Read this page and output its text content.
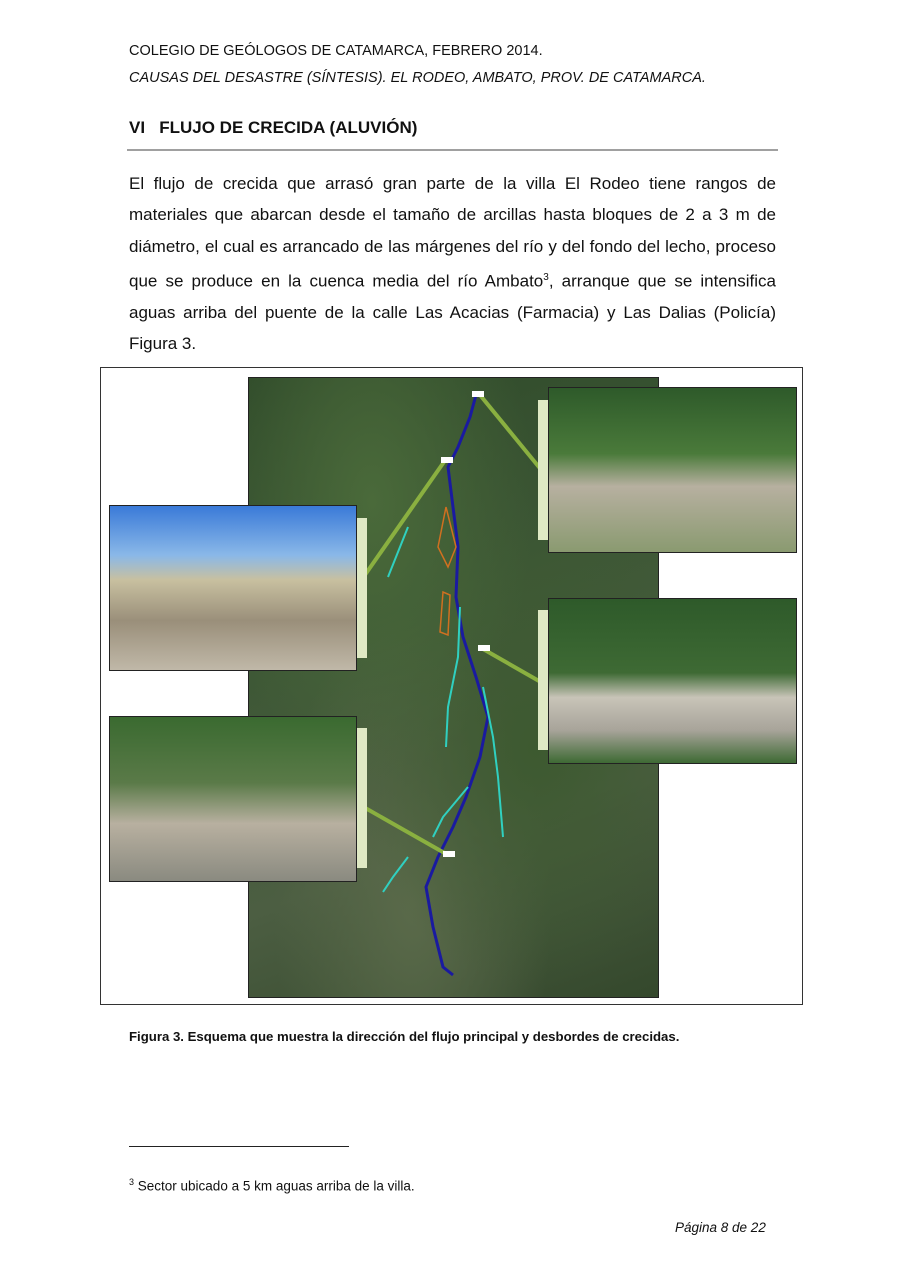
COLEGIO DE GEÓLOGOS DE CATAMARCA, FEBRERO 2014.
CAUSAS DEL DESASTRE (SÍNTESIS). EL RODEO, AMBATO, PROV. DE CATAMARCA.
VI   FLUJO DE CRECIDA (ALUVIÓN)
El flujo de crecida que arrasó gran parte de la villa El Rodeo tiene rangos de materiales que abarcan desde el tamaño de arcillas hasta bloques de 2 a 3 m de diámetro, el cual es arrancado de las márgenes del río y del fondo del lecho, proceso que se produce en la cuenca media del río Ambato$^3$, arranque que se intensifica aguas arriba del puente de la calle Las Acacias (Farmacia) y Las Dalias (Policía) Figura 3.
Figura 3. Esquema que muestra la dirección del flujo principal y desbordes de crecidas.
$^3$ Sector ubicado a 5 km aguas arriba de la villa.
Página 8 de 22
